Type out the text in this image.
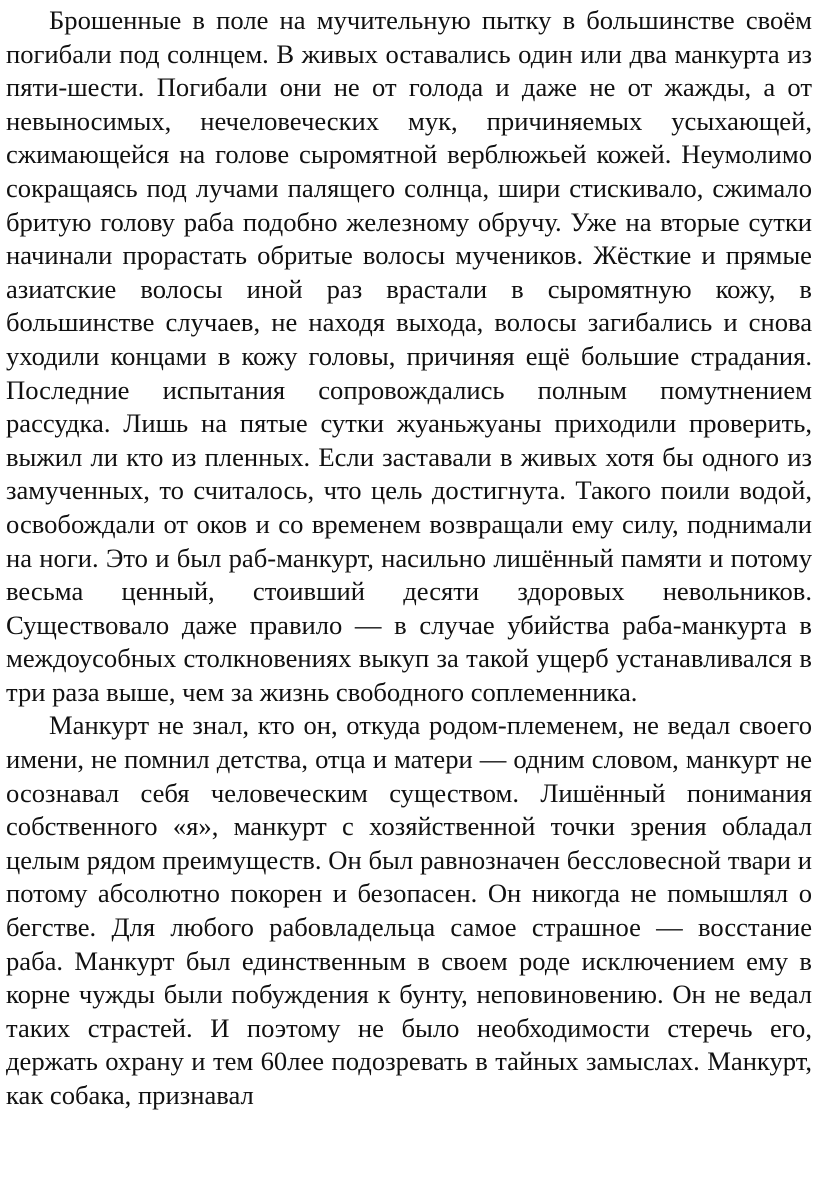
Брошенные в поле на мучительную пытку в большинстве своём погибали под солнцем. В живых оставались один или два манкурта из пяти-шести. Погибали они не от голода и даже не от жажды, а от невыносимых, нечеловеческих мук, причиняемых усыхающей, сжимающейся на голове сыромятной верблюжьей кожей. Неумолимо сокращаясь под лучами палящего солнца, шири стискивало, сжимало бритую голову раба подобно железному обручу. Уже на вторые сутки начинали прорастать обритые волосы мучеников. Жёсткие и прямые азиатские волосы иной раз врастали в сыромятную кожу, в большинстве случаев, не находя выхода, волосы загибались и снова уходили концами в кожу головы, причиняя ещё большие страдания. Последние испытания сопровождались полным помутнением рассудка. Лишь на пятые сутки жуаньжуаны приходили проверить, выжил ли кто из пленных. Если заставали в живых хотя бы одного из замученных, то считалось, что цель достигнута. Такого поили водой, освобождали от оков и со временем возвращали ему силу, поднимали на ноги. Это и был раб-манкурт, насильно лишённый памяти и потому весьма ценный, стоивший десяти здоровых невольников. Существовало даже правило — в случае убийства раба-манкурта в междоусобных столкновениях выкуп за такой ущерб устанавливался в три раза выше, чем за жизнь свободного соплеменника.

Манкурт не знал, кто он, откуда родом-племенем, не ведал своего имени, не помнил детства, отца и матери — одним словом, манкурт не осознавал себя человеческим существом. Лишённый понимания собственного «я», манкурт с хозяйственной точки зрения обладал целым рядом преимуществ. Он был равнозначен бессловесной твари и потому абсолютно покорен и безопасен. Он никогда не помышлял о бегстве. Для любого рабовладельца самое страшное — восстание раба. Манкурт был единственным в своем роде исключением ему в корне чужды были побуждения к бунту, неповиновению. Он не ведал таких страстей. И поэтому не было необходимости стеречь его, держать охрану и тем 60лее подозревать в тайных замыслах. Манкурт, как собака, признавал
